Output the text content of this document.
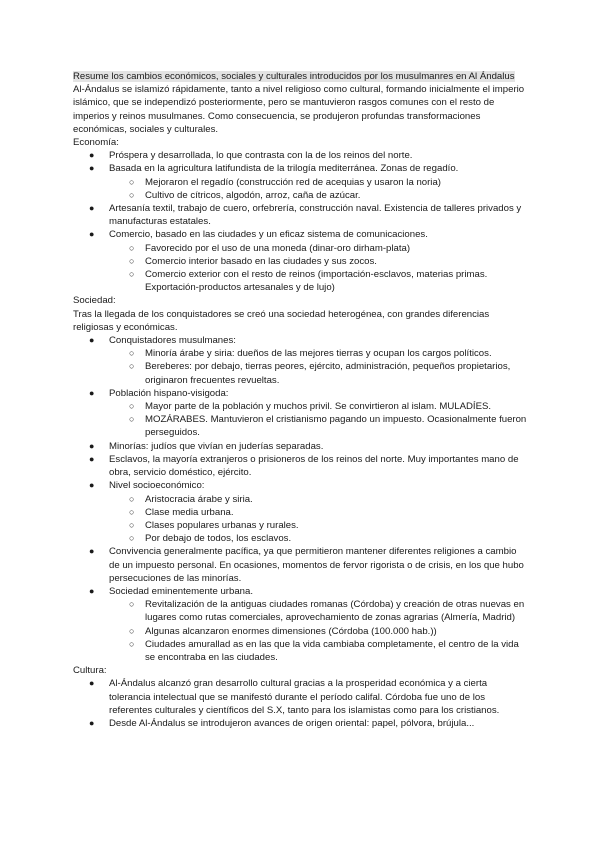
Resume los cambios económicos, sociales y culturales introducidos por los musulmanres en Al Ándalus

Al-Ándalus se islamizó rápidamente, tanto a nivel religioso como cultural, formando inicialmente el imperio islámico, que se independizó posteriormente, pero se mantuvieron rasgos comunes con el resto de imperios y reinos musulmanes. Como consecuencia, se produjeron profundas transformaciones económicas, sociales y culturales.

Economía:

● Próspera y desarrollada, lo que contrasta con la de los reinos del norte.
● Basada en la agricultura latifundista de la trilogía mediterránea. Zonas de regadío.
○ Mejoraron el regadío (construcción red de acequias y usaron la noria)
○ Cultivo de cítricos, algodón, arroz, caña de azúcar.
● Artesanía textil, trabajo de cuero, orfebrería, construcción naval. Existencia de talleres privados y manufacturas estatales.
● Comercio, basado en las ciudades y un eficaz sistema de comunicaciones.
○ Favorecido por el uso de una moneda (dinar-oro dirham-plata)
○ Comercio interior basado en las ciudades y sus zocos.
○ Comercio exterior con el resto de reinos (importación-esclavos, materias primas. Exportación-productos artesanales y de lujo)

Sociedad:

Tras la llegada de los conquistadores se creó una sociedad heterogénea, con grandes diferencias religiosas y económicas.

● Conquistadores musulmanes:
○ Minoría árabe y siria: dueños de las mejores tierras y ocupan los cargos políticos.
○ Bereberes: por debajo, tierras peores, ejército, administración, pequeños propietarios, originaron frecuentes revueltas.
● Población hispano-visigoda:
○ Mayor parte de la población y muchos privil. Se convirtieron al islam. MULADÍES.
○ MOZÁRABES. Mantuvieron el cristianismo pagando un impuesto. Ocasionalmente fueron perseguidos.
● Minorías: judíos que vivían en juderías separadas.
● Esclavos, la mayoría extranjeros o prisioneros de los reinos del norte. Muy importantes mano de obra, servicio doméstico, ejército.
● Nivel socioeconómico:
○ Aristocracia árabe y siria.
○ Clase media urbana.
○ Clases populares urbanas y rurales.
○ Por debajo de todos, los esclavos.
● Convivencia generalmente pacífica, ya que permitieron mantener diferentes religiones a cambio de un impuesto personal. En ocasiones, momentos de fervor rigorista o de crisis, en los que hubo persecuciones de las minorías.
● Sociedad eminentemente urbana.
○ Revitalización de la antiguas ciudades romanas (Córdoba) y creación de otras nuevas en lugares como rutas comerciales, aprovechamiento de zonas agrarias (Almería, Madrid)
○ Algunas alcanzaron enormes dimensiones (Córdoba (100.000 hab.))
○ Ciudades amurallad as en las que la vida cambiaba completamente, el centro de la vida se encontraba en las ciudades.

Cultura:

● Al-Ándalus alcanzó gran desarrollo cultural gracias a la prosperidad económica y a cierta tolerancia intelectual que se manifestó durante el período califal. Córdoba fue uno de los referentes culturales y científicos del S.X, tanto para los islamistas como para los cristianos.
● Desde Al-Ándalus se introdujeron avances de origen oriental: papel, pólvora, brújula...
